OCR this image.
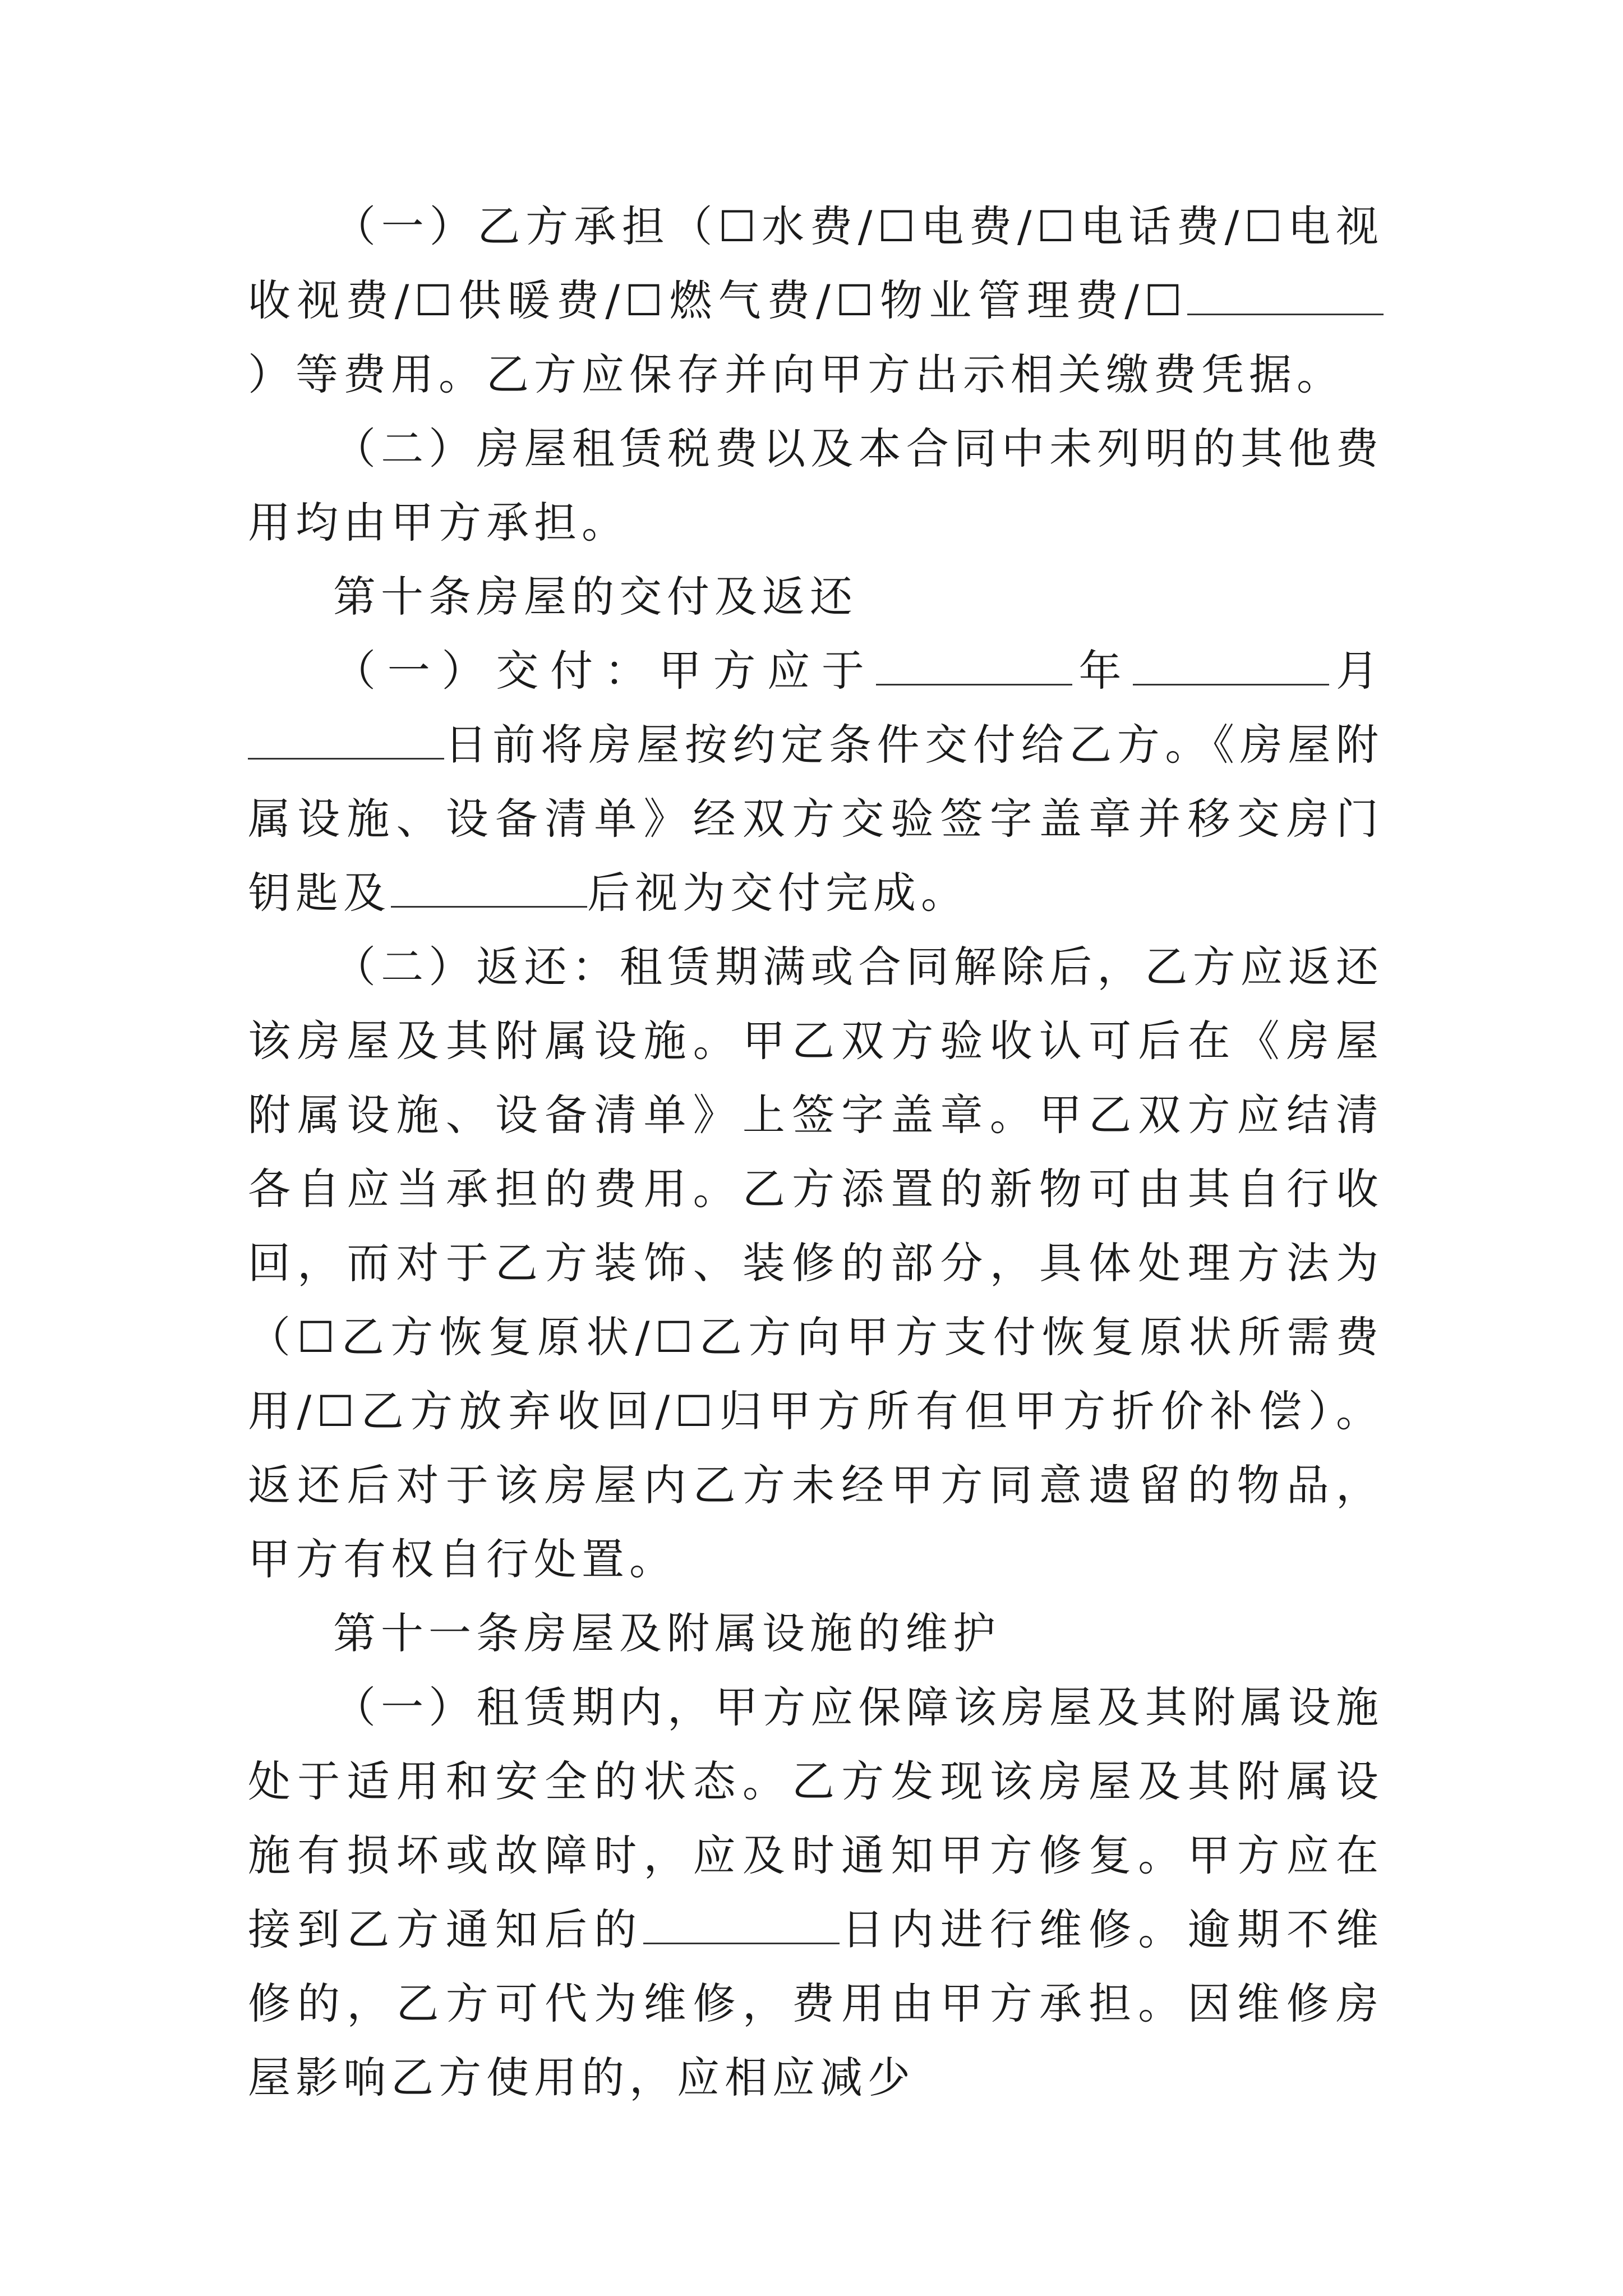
（一）乙方承担（☐水费/☐电费/☐电话费/☐电视收视费/☐供暖费/☐燃气费/☐物业管理费/☐）等费用。乙方应保存并向甲方出示相关缴费凭据。

（二）房屋租赁税费以及本合同中未列明的其他费用均由甲方承担。

第十条房屋的交付及返还

（一）交付：甲方应于	年	月日前将房屋按约定条件交付给乙方。《房屋附属设施、设备清单》经双方交验签字盖章并移交房门钥匙及	后视为交付完成。

（二）返还：租赁期满或合同解除后，乙方应返还该房屋及其附属设施。甲乙双方验收认可后在《房屋附属设施、设备清单》上签字盖章。甲乙双方应结清各自应当承担的费用。乙方添置的新物可由其自行收回，而对于乙方装饰、装修的部分，具体处理方法为（☐乙方恢复原状/☐乙方向甲方支付恢复原状所需费用/☐乙方放弃收回/☐归甲方所有但甲方折价补偿）。 返还后对于该房屋内乙方未经甲方同意遗留的物品，甲方有权自行处置。

第十一条房屋及附属设施的维护

（一）租赁期内，甲方应保障该房屋及其附属设施处于适用和安全的状态。乙方发现该房屋及其附属设施有损坏或故障时，应及时通知甲方修复。甲方应在接到乙方通知后的	日内进行维修。逾期不维修的，乙方可代为维修，费用由甲方承担。因维修房屋影响乙方使用的，应相应减少
